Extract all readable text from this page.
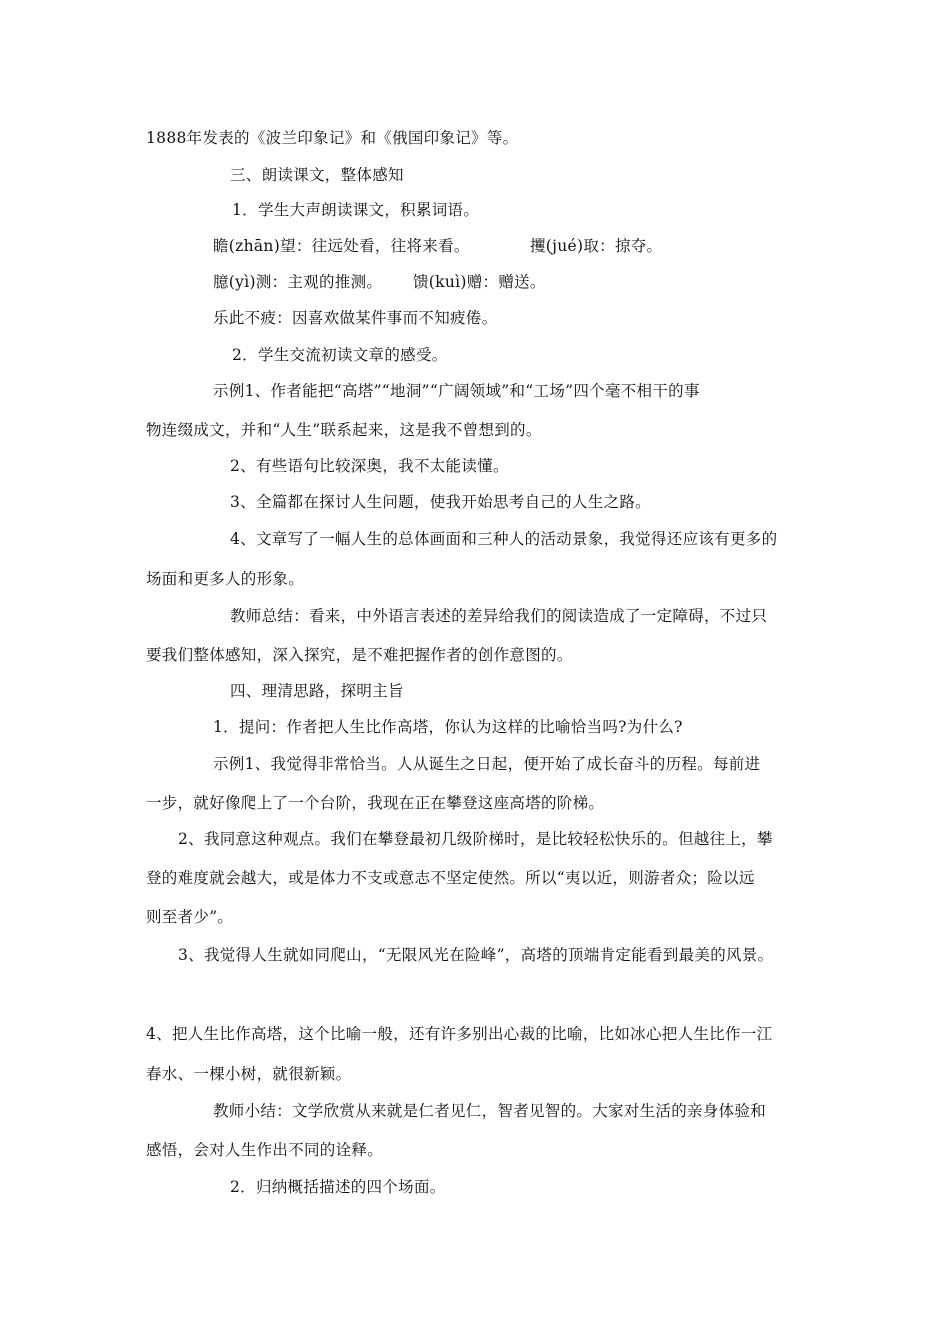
1888年发表的《波兰印象记》和《俄国印象记》等。
三、朗读课文，整体感知
1．学生大声朗读课文，积累词语。
瞻(zhān)望：往远处看，往将来看。	攫(jué)取：掠夺。
臆(yì)测：主观的推测。 馈(kuì)赠：赠送。
乐此不疲：因喜欢做某件事而不知疲倦。
2．学生交流初读文章的感受。
示例1、作者能把“高塔”“地洞”“广阔领域”和“工场”四个毫不相干的事
物连缀成文，并和“人生”联系起来，这是我不曾想到的。
2、有些语句比较深奥，我不太能读懂。
3、全篇都在探讨人生问题，使我开始思考自己的人生之路。
4、文章写了一幅人生的总体画面和三种人的活动景象，我觉得还应该有更多的
场面和更多人的形象。
教师总结：看来，中外语言表述的差异给我们的阅读造成了一定障碍，不过只
要我们整体感知，深入探究，是不难把握作者的创作意图的。
四、理清思路，探明主旨
1．提问：作者把人生比作高塔，你认为这样的比喻恰当吗?为什么?
示例1、我觉得非常恰当。人从诞生之日起，便开始了成长奋斗的历程。每前进
一步，就好像爬上了一个台阶，我现在正在攀登这座高塔的阶梯。
2、我同意这种观点。我们在攀登最初几级阶梯时，是比较轻松快乐的。但越往上，攀
登的难度就会越大，或是体力不支或意志不坚定使然。所以“夷以近，则游者众；险以远
则至者少”。
3、我觉得人生就如同爬山，“无限风光在险峰”，高塔的顶端肯定能看到最美的风景。
4、把人生比作高塔，这个比喻一般，还有许多别出心裁的比喻，比如冰心把人生比作一江
春水、一棵小树，就很新颖。
教师小结：文学欣赏从来就是仁者见仁，智者见智的。大家对生活的亲身体验和
感悟，会对人生作出不同的诠释。
2．归纳概括描述的四个场面。
